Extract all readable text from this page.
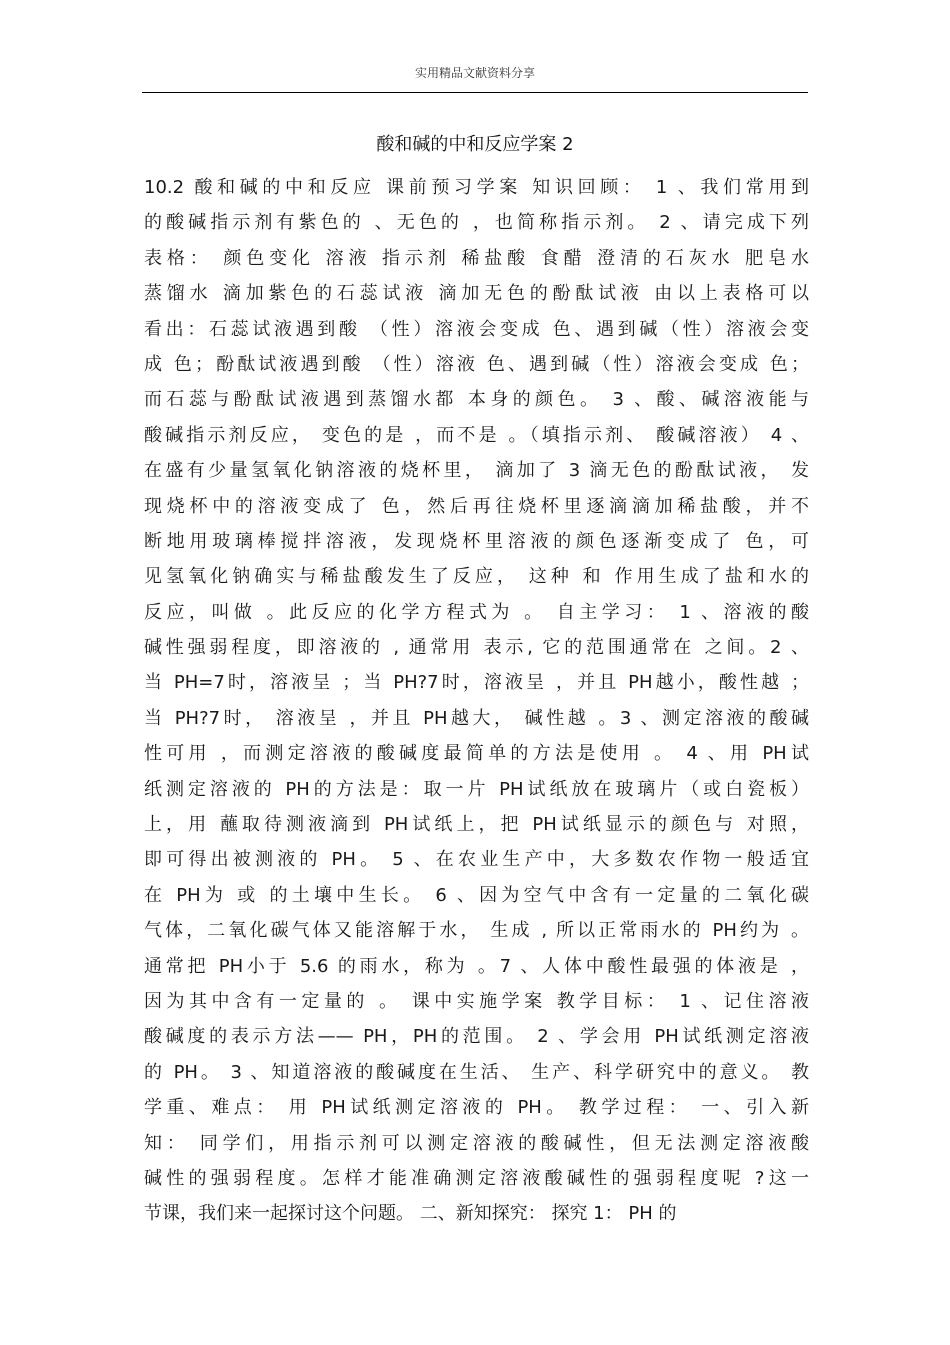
实用精品文献资料分享
酸和碱的中和反应学案 2
10.2 酸和碱的中和反应 课前预习学案 知识回顾： 1 、我们常用到
的酸碱指示剂有紫色的 、无色的 ，也简称指示剂。 2 、请完成下列
表格： 颜色变化 溶液 指示剂 稀盐酸 食醋 澄清的石灰水 肥皂水
蒸馏水 滴加紫色的石蕊试液 滴加无色的酚酞试液 由以上表格可以
看出：石蕊试液遇到酸 （性）溶液会变成 色、遇到碱（性）溶液会变
成 色；酚酞试液遇到酸 （性）溶液 色、遇到碱（性）溶液会变成 色；
而石蕊与酚酞试液遇到蒸馏水都 本身的颜色。 3 、酸、碱溶液能与
酸碱指示剂反应， 变色的是 ，而不是 。（填指示剂、 酸碱溶液） 4 、
在盛有少量氢氧化钠溶液的烧杯里， 滴加了 3 滴无色的酚酞试液， 发
现烧杯中的溶液变成了 色，然后再往烧杯里逐滴滴加稀盐酸，并不
断地用玻璃棒搅拌溶液，发现烧杯里溶液的颜色逐渐变成了 色，可
见氢氧化钠确实与稀盐酸发生了反应， 这种 和 作用生成了盐和水的
反应，叫做 。此反应的化学方程式为 。 自主学习： 1 、溶液的酸
碱性强弱程度，即溶液的 , 通常用 表示, 它的范围通常在 之间。2 、
当 PH=7时，溶液呈 ；当 PH?7时，溶液呈 ，并且 PH越小，酸性越 ；
当 PH?7时， 溶液呈 ，并且 PH越大， 碱性越 。3 、测定溶液的酸碱
性可用 ，而测定溶液的酸碱度最简单的方法是使用 。 4 、用 PH试
纸测定溶液的 PH的方法是：取一片 PH试纸放在玻璃片（或白瓷板）
上，用 蘸取待测液滴到 PH试纸上，把 PH试纸显示的颜色与 对照，
即可得出被测液的 PH。 5 、在农业生产中，大多数农作物一般适宜
在 PH为 或 的土壤中生长。 6 、因为空气中含有一定量的二氧化碳
气体，二氧化碳气体又能溶解于水， 生成 , 所以正常雨水的 PH约为 。
通常把 PH小于 5.6 的雨水，称为 。7 、人体中酸性最强的体液是 ，
因为其中含有一定量的 。 课中实施学案 教学目标： 1 、记住溶液
酸碱度的表示方法—— PH，PH的范围。 2 、学会用 PH试纸测定溶液
的 PH。 3 、知道溶液的酸碱度在生活、 生产、科学研究中的意义。 教
学重、难点： 用 PH试纸测定溶液的 PH。 教学过程： 一、引入新
知： 同学们，用指示剂可以测定溶液的酸碱性，但无法测定溶液酸
碱性的强弱程度。怎样才能准确测定溶液酸碱性的强弱程度呢 ?这一
节课，我们来一起探讨这个问题。 二、新知探究： 探究 1： PH 的
